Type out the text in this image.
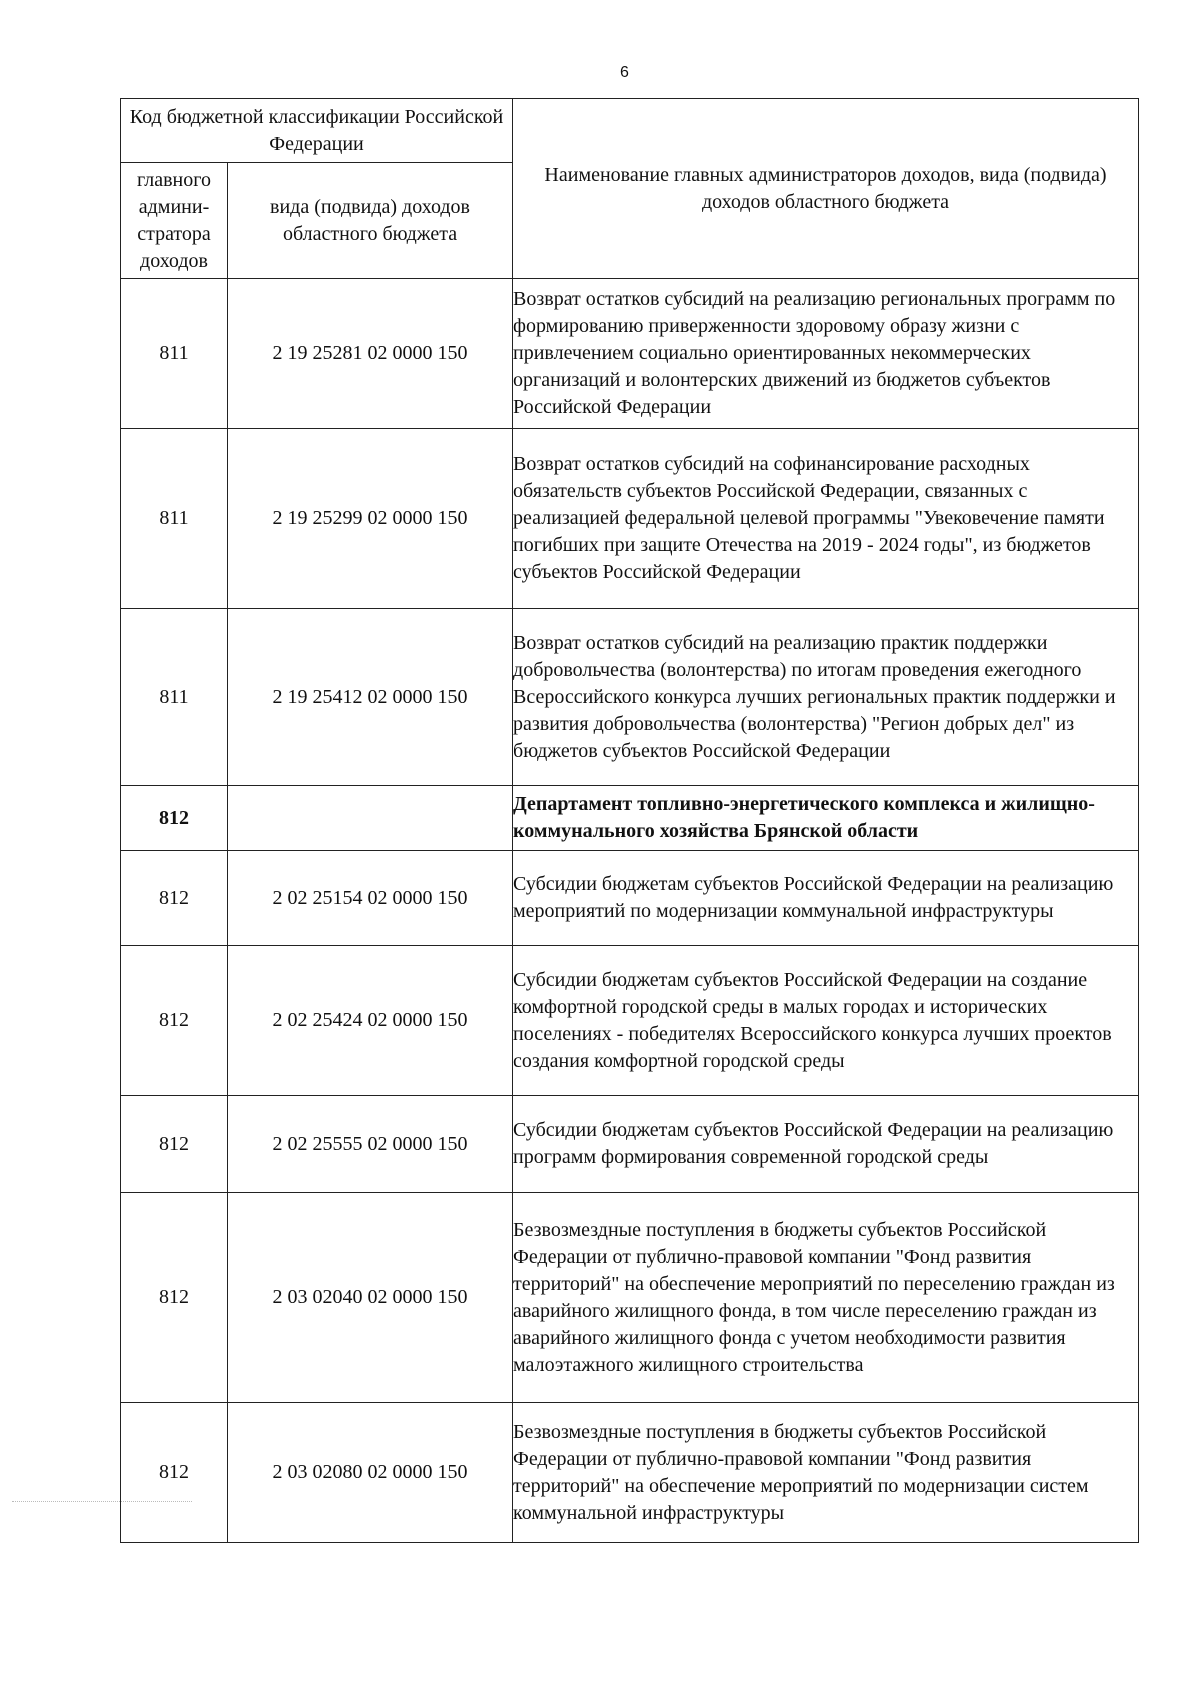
6
Код бюджетной классификации Российской Федерации		Наименование главных администраторов доходов, вида (подвида) доходов областного бюджета
главного админи-стратора доходов	вида (подвида) доходов областного бюджета	
811	2 19 25281 02 0000 150	Возврат остатков субсидий на реализацию региональных программ по формированию приверженности здоровому образу жизни с привлечением социально ориентированных некоммерческих организаций и волонтерских движений из бюджетов субъектов Российской Федерации
811	2 19 25299 02 0000 150	Возврат остатков субсидий на софинансирование расходных обязательств субъектов Российской Федерации, связанных с реализацией федеральной целевой программы "Увековечение памяти погибших при защите Отечества на 2019 - 2024 годы", из бюджетов субъектов Российской Федерации
811	2 19 25412 02 0000 150	Возврат остатков субсидий на реализацию практик поддержки добровольчества (волонтерства) по итогам проведения ежегодного Всероссийского конкурса лучших региональных практик поддержки и развития добровольчества (волонтерства) "Регион добрых дел" из бюджетов субъектов Российской Федерации
812		Департамент топливно-энергетического комплекса и жилищно-коммунального хозяйства Брянской области
812	2 02 25154 02 0000 150	Субсидии бюджетам субъектов Российской Федерации на реализацию мероприятий по модернизации коммунальной инфраструктуры
812	2 02 25424 02 0000 150	Субсидии бюджетам субъектов Российской Федерации на создание комфортной городской среды в малых городах и исторических поселениях - победителях Всероссийского конкурса лучших проектов создания комфортной городской среды
812	2 02 25555 02 0000 150	Субсидии бюджетам субъектов Российской Федерации на реализацию программ формирования современной городской среды
812	2 03 02040 02 0000 150	Безвозмездные поступления в бюджеты субъектов Российской Федерации от публично-правовой компании "Фонд развития территорий" на обеспечение мероприятий по переселению граждан из аварийного жилищного фонда, в том числе переселению граждан из аварийного жилищного фонда с учетом необходимости развития малоэтажного жилищного строительства
812	2 03 02080 02 0000 150	Безвозмездные поступления в бюджеты субъектов Российской Федерации от публично-правовой компании "Фонд развития территорий" на обеспечение мероприятий по модернизации систем коммунальной инфраструктуры
